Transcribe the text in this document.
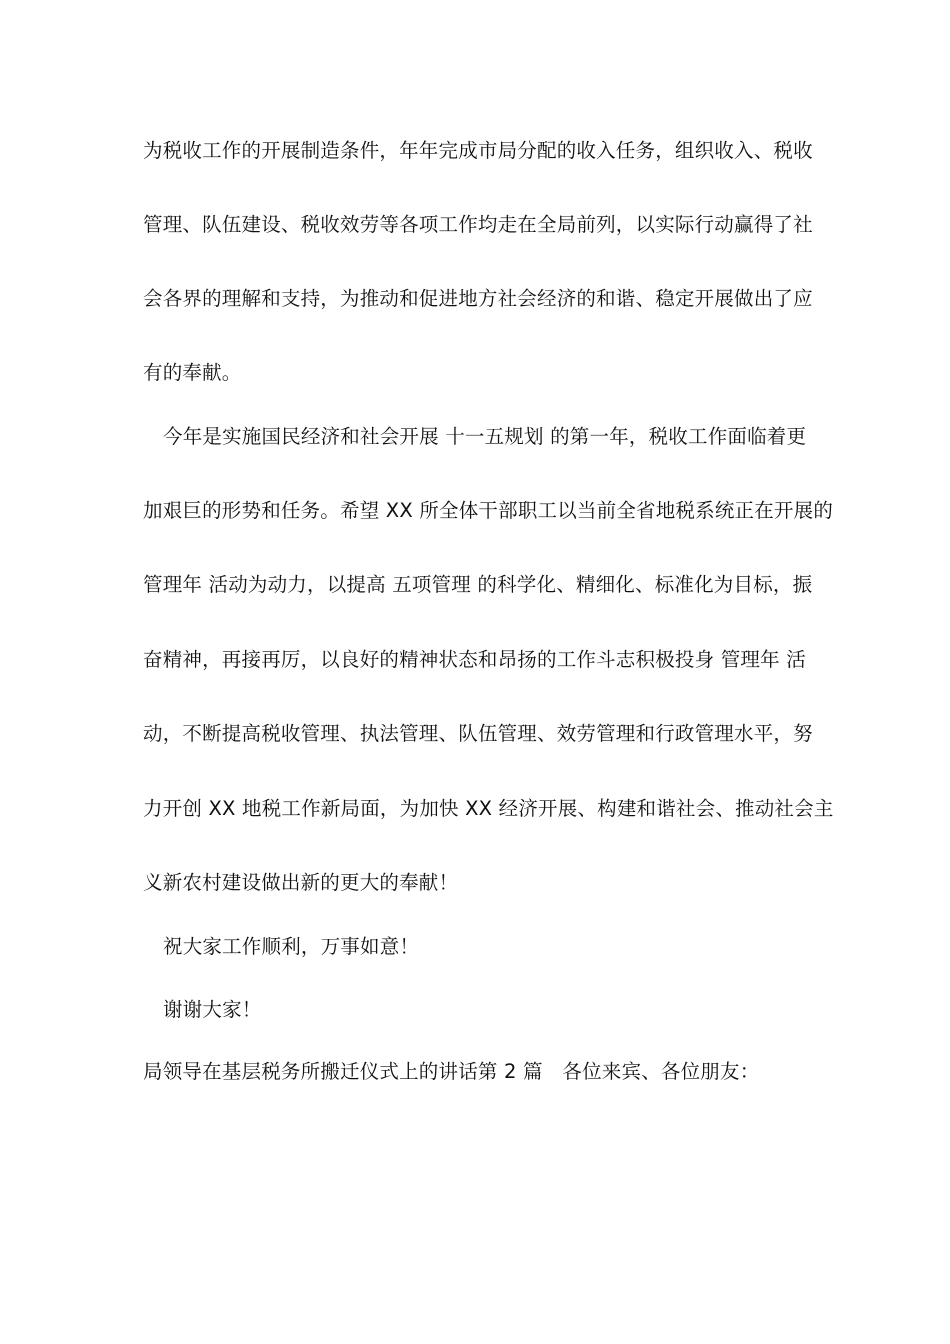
为税收工作的开展制造条件，年年完成市局分配的收入任务，组织收入、税收
管理、队伍建设、税收效劳等各项工作均走在全局前列，以实际行动赢得了社
会各界的理解和支持，为推动和促进地方社会经济的和谐、稳定开展做出了应
有的奉献。
今年是实施国民经济和社会开展 十一五规划 的第一年，税收工作面临着更
加艰巨的形势和任务。希望 XX 所全体干部职工以当前全省地税系统正在开展的
管理年 活动为动力，以提高 五项管理 的科学化、精细化、标准化为目标，振
奋精神，再接再厉，以良好的精神状态和昂扬的工作斗志积极投身 管理年 活
动，不断提高税收管理、执法管理、队伍管理、效劳管理和行政管理水平，努
力开创 XX 地税工作新局面，为加快 XX 经济开展、构建和谐社会、推动社会主
义新农村建设做出新的更大的奉献！
祝大家工作顺利，万事如意！
谢谢大家！
局领导在基层税务所搬迁仪式上的讲话第 2 篇　各位来宾、各位朋友：
